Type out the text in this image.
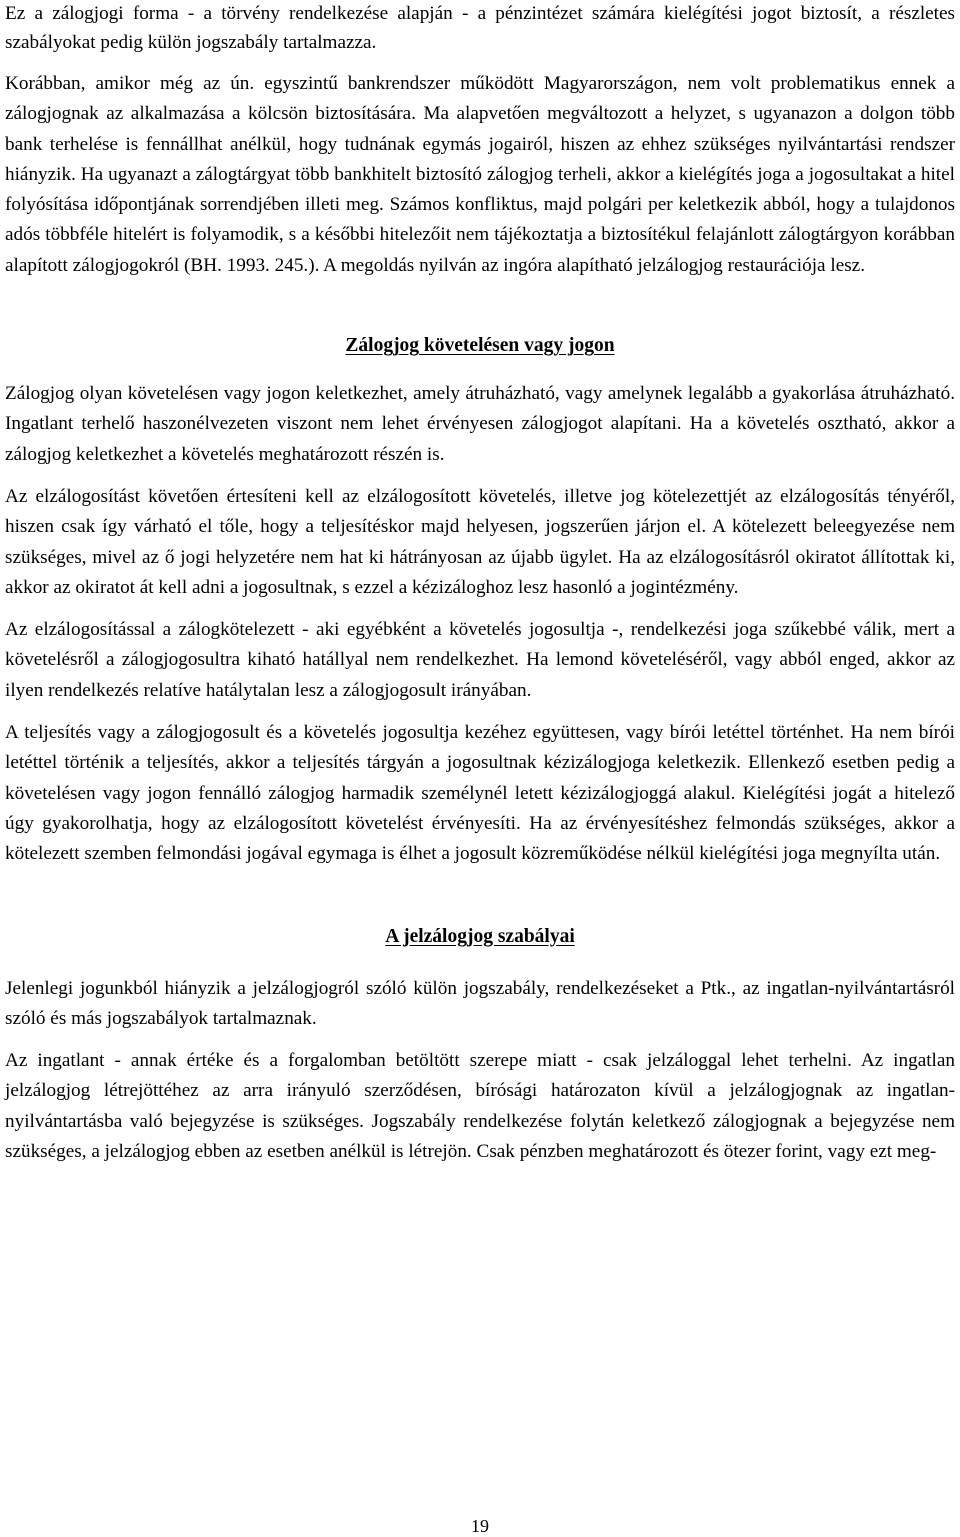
Ez a zálogjogi forma - a törvény rendelkezése alapján - a pénzintézet számára kielégítési jogot biztosít, a részletes szabályokat pedig külön jogszabály tartalmazza.

Korábban, amikor még az ún. egyszintű bankrendszer működött Magyarországon, nem volt problematikus ennek a zálogjognak az alkalmazása a kölcsön biztosítására. Ma alapvetően megváltozott a helyzet, s ugyanazon a dolgon több bank terhelése is fennállhat anélkül, hogy tudnának egymás jogairól, hiszen az ehhez szükséges nyilvántartási rendszer hiányzik. Ha ugyanazt a zálogtárgyat több bankhitelt biztosító zálogjog terheli, akkor a kielégítés joga a jogosultakat a hitel folyósítása időpontjának sorrendjében illeti meg. Számos konfliktus, majd polgári per keletkezik abból, hogy a tulajdonos adós többféle hitelért is folyamodik, s a későbbi hitelezőit nem tájékoztatja a biztosítékul felajánlott zálogtárgyon korábban alapított zálogjogokról (BH. 1993. 245.). A megoldás nyilván az ingóra alapítható jelzálogjog restaurációja lesz.

Zálogjog követelésen vagy jogon

Zálogjog olyan követelésen vagy jogon keletkezhet, amely átruházható, vagy amelynek legalább a gyakorlása átruházható. Ingatlant terhelő haszonélvezeten viszont nem lehet érvényesen zálogjogot alapítani. Ha a követelés osztható, akkor a zálogjog keletkezhet a követelés meghatározott részén is.

Az elzálogosítást követően értesíteni kell az elzálogosított követelés, illetve jog kötelezettjét az elzálogosítás tényéről, hiszen csak így várható el tőle, hogy a teljesítéskor majd helyesen, jogszerűen járjon el. A kötelezett beleegyezése nem szükséges, mivel az ő jogi helyzetére nem hat ki hátrányosan az újabb ügylet. Ha az elzálogosításról okiratot állítottak ki, akkor az okiratot át kell adni a jogosultnak, s ezzel a kézizáloghoz lesz hasonló a jogintézmény.

Az elzálogosítással a zálogkötelezett - aki egyébként a követelés jogosultja -, rendelkezési joga szűkebbé válik, mert a követelésről a zálogjogosultra kiható hatállyal nem rendelkezhet. Ha lemond követeléséről, vagy abból enged, akkor az ilyen rendelkezés relatíve hatálytalan lesz a zálogjogosult irányában.

A teljesítés vagy a zálogjogosult és a követelés jogosultja kezéhez együttesen, vagy bírói letéttel történhet. Ha nem bírói letéttel történik a teljesítés, akkor a teljesítés tárgyán a jogosultnak kézizálogjoga keletkezik. Ellenkező esetben pedig a követelésen vagy jogon fennálló zálogjog harmadik személynél letett kézizálogjoggá alakul. Kielégítési jogát a hitelező úgy gyakorolhatja, hogy az elzálogosított követelést érvényesíti. Ha az érvényesítéshez felmondás szükséges, akkor a kötelezett szemben felmondási jogával egymaga is élhet a jogosult közreműködése nélkül kielégítési joga megnyílta után.

A jelzálogjog szabályai

Jelenlegi jogunkból hiányzik a jelzálogjogról szóló külön jogszabály, rendelkezéseket a Ptk., az ingatlan-nyilvántartásról szóló és más jogszabályok tartalmaznak.

Az ingatlant - annak értéke és a forgalomban betöltött szerepe miatt - csak jelzáloggal lehet terhelni. Az ingatlan jelzálogjog létrejöttéhez az arra irányuló szerződésen, bírósági határozaton kívül a jelzálogjognak az ingatlan-nyilvántartásba való bejegyzése is szükséges. Jogszabály rendelkezése folytán keletkező zálogjognak a bejegyzése nem szükséges, a jelzálogjog ebben az esetben anélkül is létrejön. Csak pénzben meghatározott és ötezer forint, vagy ezt meg-

19
